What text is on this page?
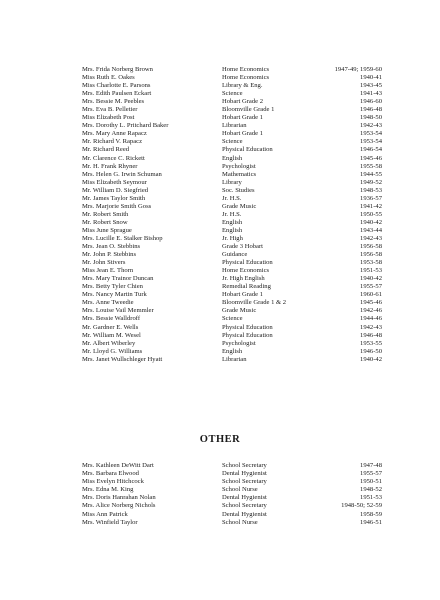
Mrs. Frida Norberg Brown	Home Economics	1947-49; 1959-60
Miss Ruth E. Oakes	Home Economics	1940-41
Miss Charlotte E. Parsons	Library & Eng.	1943-45
Mrs. Edith Paulsen Eckart	Science	1941-43
Mrs. Bessie M. Peebles	Hobart Grade 2	1946-60
Mrs. Eva B. Pelletier	Bloomville Grade 1	1946-48
Miss Elizabeth Post	Hobart Grade 1	1948-50
Mrs. Dorothy L. Pritchard Baker	Librarian	1942-43
Mrs. Mary Anne Rapacz	Hobart Grade 1	1953-54
Mr. Richard V. Rapacz	Science	1953-54
Mr. Richard Reed	Physical Education	1946-54
Mr. Clarence C. Rickett	English	1945-46
Mr. H. Frank Rhyner	Psychologist	1955-58
Mrs. Helen G. Irwin Schuman	Mathematics	1944-55
Miss Elizabeth Seymour	Library	1949-52
Mr. William D. Siegfried	Soc. Studies	1948-53
Mr. James Taylor Smith	Jr. H.S.	1936-57
Mrs. Marjorie Smith Goss	Grade Music	1941-42
Mr. Robert Smith	Jr. H.S.	1950-55
Mr. Robert Snow	English	1940-42
Miss June Sprague	English	1943-44
Mrs. Lucille E. Stalker Bishop	Jr. High	1942-43
Mrs. Jean O. Stebbins	Grade 3 Hobart	1956-58
Mr. John P. Stebbins	Guidance	1956-58
Mr. John Stivers	Physical Education	1953-58
Miss Jean E. Thorn	Home Economics	1951-53
Mrs. Mary Trainor Duncan	Jr. High English	1940-42
Mrs. Betty Tyler Chien	Remedial Reading	1955-57
Mrs. Nancy Martin Turk	Hobart Grade 1	1960-61
Mrs. Anne Tweedie	Bloomville Grade 1 & 2	1945-46
Mrs. Louise Vail Memmler	Grade Music	1942-46
Mrs. Bessie Walldroff	Science	1944-46
Mr. Gardner E. Wells	Physical Education	1942-43
Mr. William M. Wesel	Physical Education	1946-48
Mr. Albert Wiberley	Psychologist	1953-55
Mr. Lloyd G. Williams	English	1946-50
Mrs. Janet Wullschleger Hyatt	Librarian	1940-42
OTHER
Mrs. Kathleen DeWitt Dart	School Secretary	1947-48
Mrs. Barbara Elwood	Dental Hygienist	1955-57
Miss Evelyn Hitchcock	School Secretary	1950-51
Mrs. Edna M. King	School Nurse	1948-52
Mrs. Doris Hanrahan Nolan	Dental Hygienist	1951-53
Mrs. Alice Norberg Nichols	School Secretary	1948-50; 52-59
Miss Ann Patrick	Dental Hygienist	1958-59
Mrs. Winfield Taylor	School Nurse	1946-51
